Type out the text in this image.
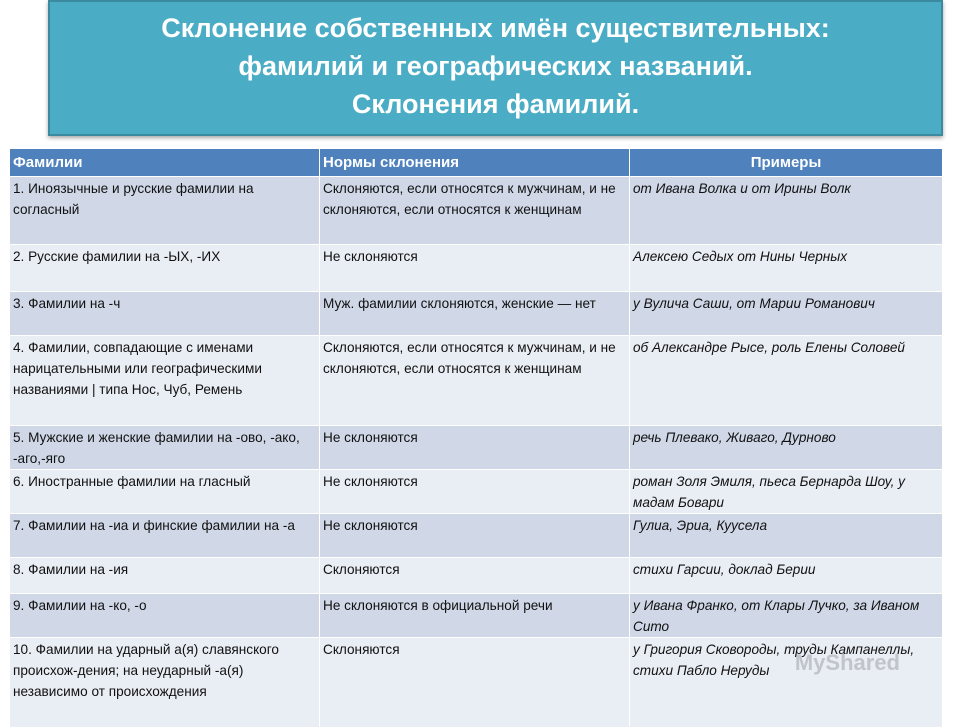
Склонение собственных имён существительных:
фамилий и географических названий.
Склонения фамилий.
Фамилии	Нормы склонения	Примеры
1. Иноязычные и русские фамилии на согласный	Склоняются, если относятся к мужчинам, и не склоняются, если относятся к женщинам	от Ивана Волка и от Ирины Волк
2. Русские фамилии на -ЫХ, -ИХ	Не склоняются	Алексею Седых от Нины Черных
3. Фамилии на -ч	Муж. фамилии склоняются, женские — нет	у Вулича Саши, от Марии Романович
4. Фамилии, совпадающие с именами нарицательными или географическими названиями | типа Нос, Чуб, Ремень	Склоняются, если относятся к мужчинам, и не склоняются, если относятся к женщинам	об Александре Рысе, роль Елены Соловей
5. Мужские и женские фамилии на -ово, -ако, -аго,-яго	Не склоняются	речь Плевако, Живаго, Дурново
6. Иностранные фамилии на гласный	Не склоняются	роман Золя Эмиля, пьеса Бернарда Шоу, у мадам Бовари
7. Фамилии на -иа и финские фамилии на -а	Не склоняются	Гулиа, Эриа, Куусела
8. Фамилии на -ия	Склоняются	стихи Гарсии, доклад Берии
9. Фамилии на -ко, -о	Не склоняются в официальной речи	у Ивана Франко, от Клары Лучко, за Иваном Сито
10. Фамилии на ударный а(я) славянского происхож-дения; на неударный -а(я) независимо от происхождения	Склоняются	у Григория Сковороды, труды Кампанеллы, стихи Пабло Неруды MyShared
